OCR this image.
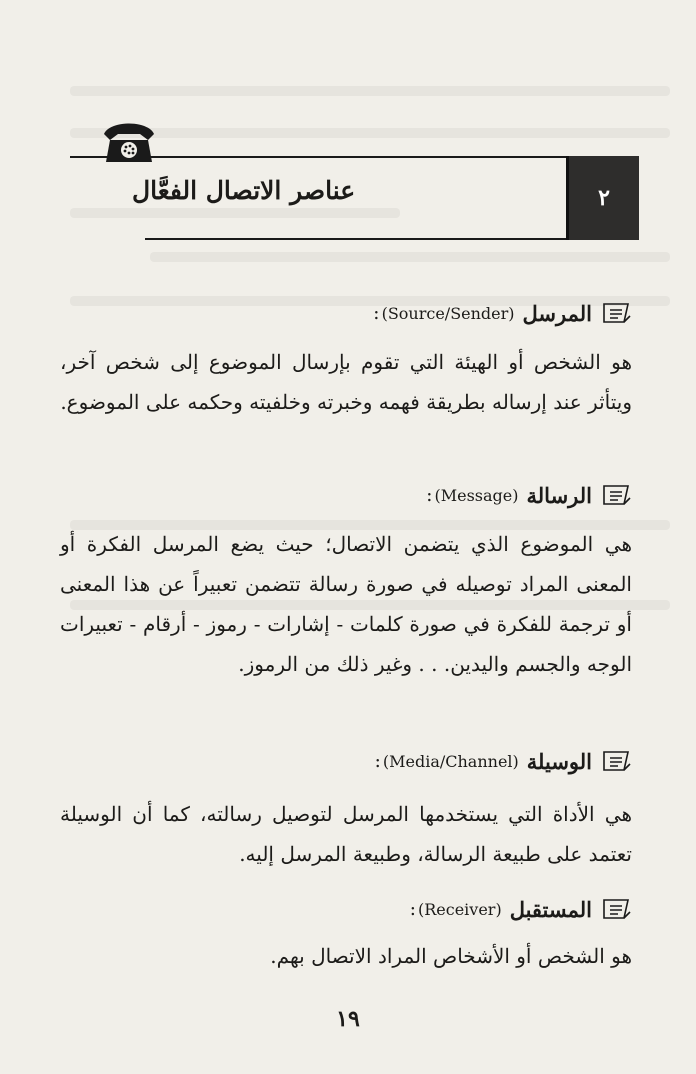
٢
عناصر الاتصال الفعَّال
المرسل
(Source/Sender)
:
هو الشخص أو الهيئة التي تقوم بإرسال الموضوع إلى شخص آخر، ويتأثر عند إرساله بطريقة فهمه وخبرته وخلفيته وحكمه على الموضوع.
الرسالة
(Message)
:
هي الموضوع الذي يتضمن الاتصال؛ حيث يضع المرسل الفكرة أو المعنى المراد توصيله في صورة رسالة تتضمن تعبيراً عن هذا المعنى أو ترجمة للفكرة في صورة كلمات - إشارات - رموز - أرقام - تعبيرات الوجه والجسم واليدين. . . وغير ذلك من الرموز.
الوسيلة
(Media/Channel)
:
هي الأداة التي يستخدمها المرسل لتوصيل رسالته، كما أن الوسيلة تعتمد على طبيعة الرسالة، وطبيعة المرسل إليه.
المستقبل
(Receiver)
:
هو الشخص أو الأشخاص المراد الاتصال بهم.
١٩
